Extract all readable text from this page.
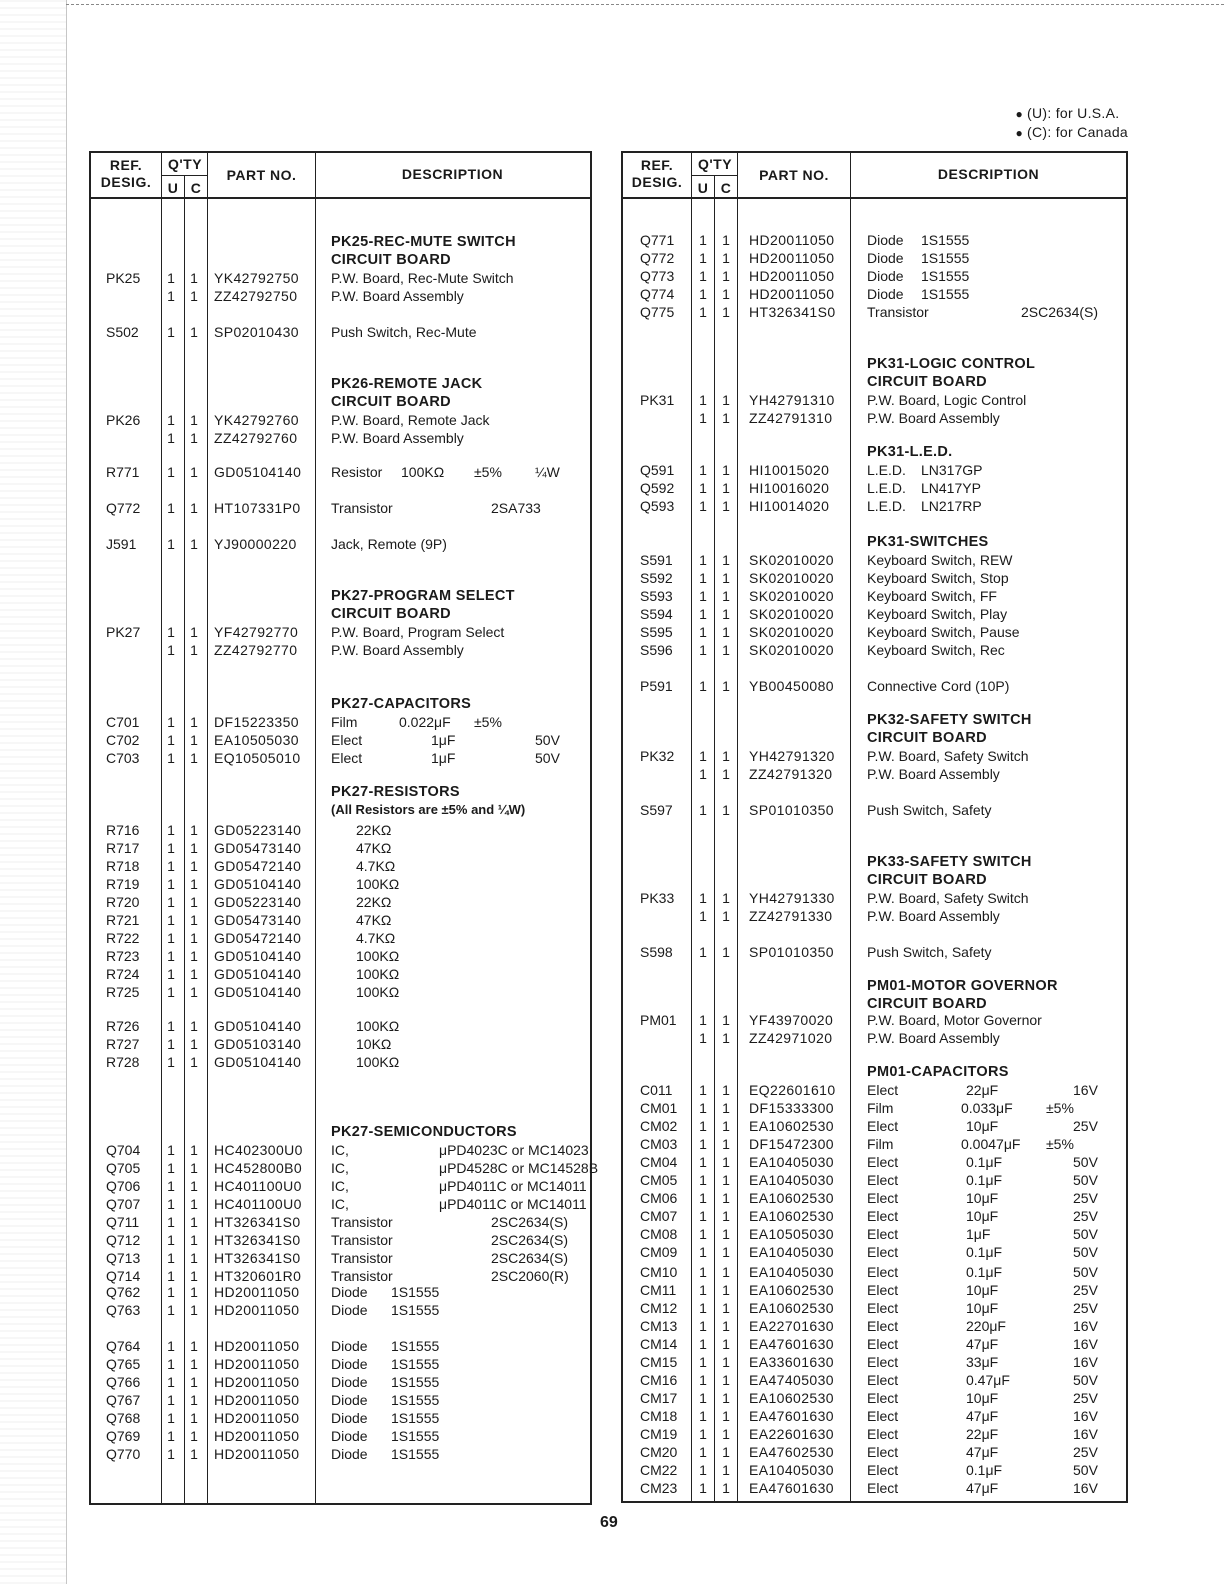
● (U): for U.S.A.
● (C): for Canada
REF.
DESIG.
Q'TY
U C
PART NO.	DESCRIPTION
PK25-REC-MUTE SWITCH
CIRCUIT BOARD
PK25 1 1 YK42792750 P.W. Board, Rec-Mute Switch
1 1 ZZ42792750 P.W. Board Assembly
S502 1 1 SP02010430 Push Switch, Rec-Mute
PK26-REMOTE JACK
CIRCUIT BOARD
PK26 1 1 YK42792760 P.W. Board, Remote Jack
1 1 ZZ42792760 P.W. Board Assembly
R771 1 1 GD05104140 Resistor 100KΩ ±5% ¼W
Q772 1 1 HT107331P0 Transistor	2SA733
J591 1 1 YJ90000220 Jack, Remote (9P)
PK27-PROGRAM SELECT
CIRCUIT BOARD
PK27 1 1 YF42792770 P.W. Board, Program Select
1 1 ZZ42792770 P.W. Board Assembly
PK27-CAPACITORS
C701 1 1 DF15223350 Film	0.022μF ±5%
C702 1 1 EA10505030 Elect	1μF	50V
C703 1 1 EQ10505010 Elect	1μF	50V
PK27-RESISTORS
(All Resistors are ±5% and ¼W)
R716 1 1 GD05223140	22KΩ
R717 1 1 GD05473140	47KΩ
R718 1 1 GD05472140	4.7KΩ
R719 1 1 GD05104140	100KΩ
R720 1 1 GD05223140	22KΩ
R721 1 1 GD05473140	47KΩ
R722 1 1 GD05472140	4.7KΩ
R723 1 1 GD05104140	100KΩ
R724 1 1 GD05104140	100KΩ
R725 1 1 GD05104140	100KΩ
R726 1 1 GD05104140	100KΩ
R727 1 1 GD05103140	10KΩ
R728 1 1 GD05104140	100KΩ
PK27-SEMICONDUCTORS
Q704 1 1 HC402300U0 IC,	μPD4023C or MC14023
Q705 1 1 HC452800B0 IC,	μPD4528C or MC14528B
Q706 1 1 HC401100U0 IC,	μPD4011C or MC14011
Q707 1 1 HC401100U0 IC,	μPD4011C or MC14011
Q711 1 1 HT326341S0 Transistor	2SC2634(S)
Q712 1 1 HT326341S0 Transistor	2SC2634(S)
Q713 1 1 HT326341S0 Transistor	2SC2634(S)
Q714 1 1 HT320601R0 Transistor	2SC2060(R)
Q762 1 1 HD20011050 Diode 1S1555
Q763 1 1 HD20011050 Diode 1S1555
Q764 1 1 HD20011050 Diode 1S1555
Q765 1 1 HD20011050 Diode 1S1555
Q766 1 1 HD20011050 Diode 1S1555
Q767 1 1 HD20011050 Diode 1S1555
Q768 1 1 HD20011050 Diode 1S1555
Q769 1 1 HD20011050 Diode 1S1555
Q770 1 1 HD20011050 Diode 1S1555
REF.
DESIG.
Q'TY
U C
PART NO.	DESCRIPTION
Q771 1 1 HD20011050 Diode 1S1555
Q772 1 1 HD20011050 Diode 1S1555
Q773 1 1 HD20011050 Diode 1S1555
Q774 1 1 HD20011050 Diode 1S1555
Q775 1 1 HT326341S0 Transistor	2SC2634(S)
PK31-LOGIC CONTROL
CIRCUIT BOARD
PK31 1 1 YH42791310 P.W. Board, Logic Control
1 1 ZZ42791310 P.W. Board Assembly
PK31-L.E.D.
Q591 1 1 HI10015020	L.E.D. LN317GP
Q592 1 1 HI10016020	L.E.D. LN417YP
Q593 1 1 HI10014020	L.E.D. LN217RP
PK31-SWITCHES
S591 1 1 SK02010020 Keyboard Switch, REW
S592 1 1 SK02010020 Keyboard Switch, Stop
S593 1 1 SK02010020 Keyboard Switch, FF
S594 1 1 SK02010020 Keyboard Switch, Play
S595 1 1 SK02010020 Keyboard Switch, Pause
S596 1 1 SK02010020 Keyboard Switch, Rec
P591 1 1 YB00450080 Connective Cord (10P)
PK32-SAFETY SWITCH
CIRCUIT BOARD
PK32 1 1 YH42791320 P.W. Board, Safety Switch
1 1 ZZ42791320 P.W. Board Assembly
S597 1 1 SP01010350 Push Switch, Safety
PK33-SAFETY SWITCH
CIRCUIT BOARD
PK33 1 1 YH42791330 P.W. Board, Safety Switch
1 1 ZZ42791330 P.W. Board Assembly
S598 1 1 SP01010350 Push Switch, Safety
PM01-MOTOR GOVERNOR
CIRCUIT BOARD
PM01 1 1 YF43970020 P.W. Board, Motor Governor
1 1 ZZ42971020 P.W. Board Assembly
PM01-CAPACITORS
C011 1 1 EQ22601610 Elect	22μF	16V
CM01 1 1 DF15333300 Film	0.033μF ±5%
CM02 1 1 EA10602530 Elect	10μF	25V
CM03 1 1 DF15472300 Film	0.0047μF ±5%
CM04 1 1 EA10405030 Elect	0.1μF	50V
CM05 1 1 EA10405030 Elect	0.1μF	50V
CM06 1 1 EA10602530 Elect	10μF	25V
CM07 1 1 EA10602530 Elect	10μF	25V
CM08 1 1 EA10505030 Elect	1μF	50V
CM09 1 1 EA10405030 Elect	0.1μF	50V
CM10 1 1 EA10405030 Elect	0.1μF	50V
CM11 1 1 EA10602530 Elect	10μF	25V
CM12 1 1 EA10602530 Elect	10μF	25V
CM13 1 1 EA22701630 Elect	220μF	16V
CM14 1 1 EA47601630 Elect	47μF	16V
CM15 1 1 EA33601630 Elect	33μF	16V
CM16 1 1 EA47405030 Elect	0.47μF	50V
CM17 1 1 EA10602530 Elect	10μF	25V
CM18 1 1 EA47601630 Elect	47μF	16V
CM19 1 1 EA22601630 Elect	22μF	16V
CM20 1 1 EA47602530 Elect	47μF	25V
CM22 1 1 EA10405030 Elect	0.1μF	50V
CM23 1 1 EA47601630 Elect	47μF	16V
69
